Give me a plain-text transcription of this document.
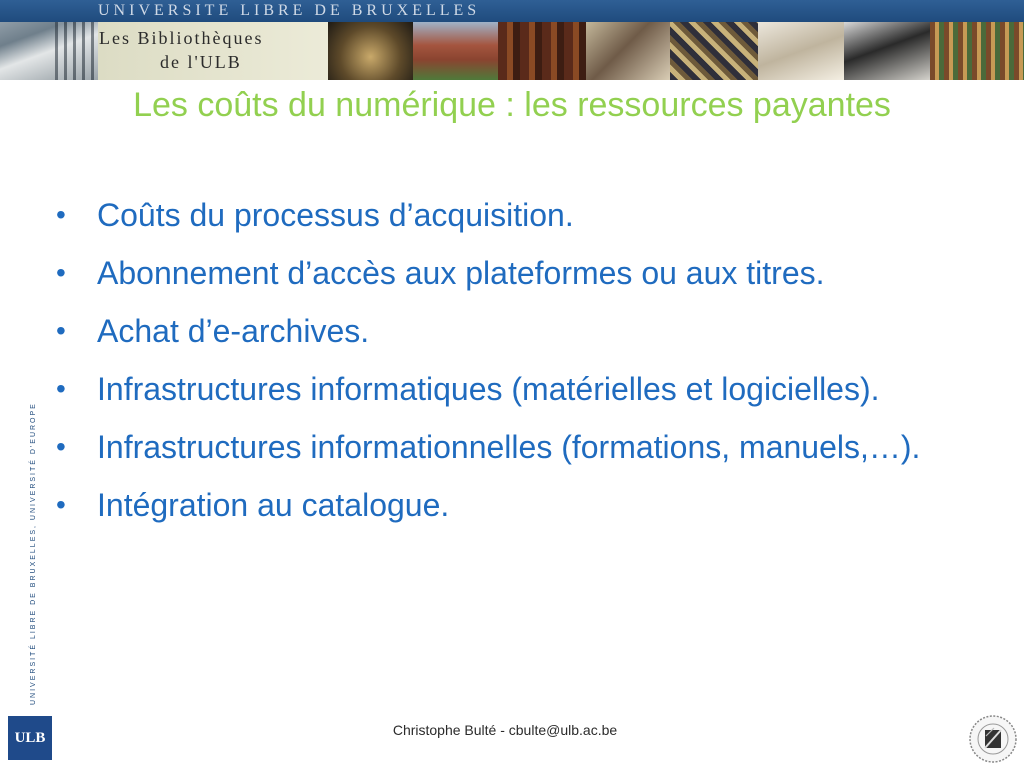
UNIVERSITE LIBRE DE BRUXELLES
Les Bibliothèques
de l'ULB
Les coûts du numérique : les ressources payantes
• Coûts du processus d’acquisition.
• Abonnement d’accès aux plateformes ou aux titres.
• Achat d’e-archives.
• Infrastructures informatiques (matérielles et logicielles).
• Infrastructures informationnelles (formations, manuels,…).
• Intégration au catalogue.
UNIVERSITÉ LIBRE DE BRUXELLES, UNIVERSITÉ D'EUROPE
ULB	Christophe Bulté - cbulte@ulb.ac.be
